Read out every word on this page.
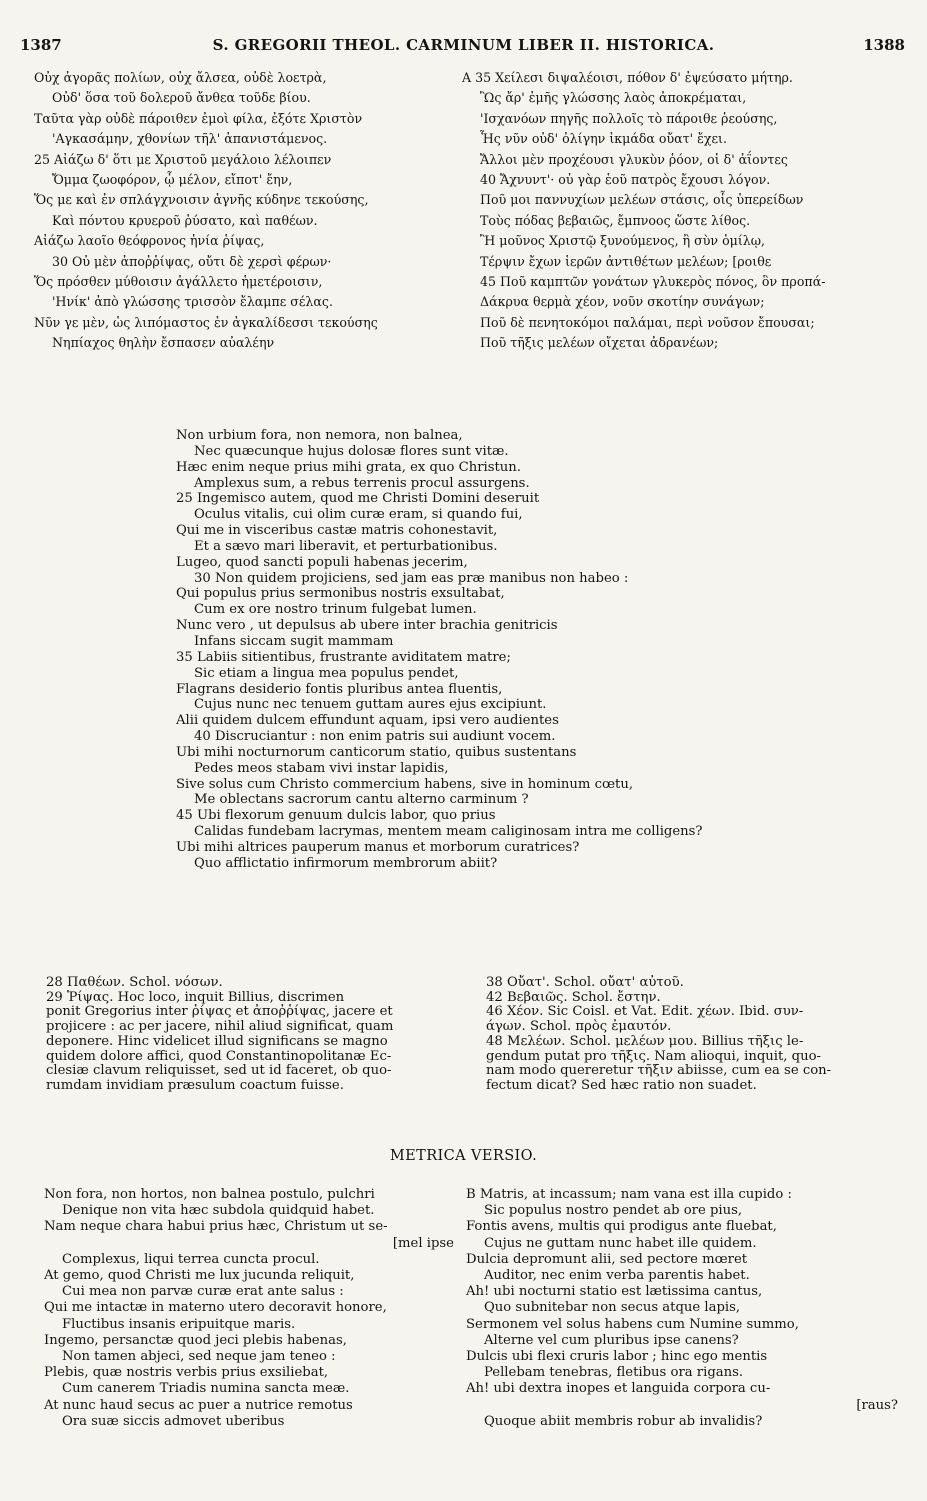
S. GREGORII THEOL. CARMINUM LIBER II. HISTORICA.
1387	1388
Οὐχ ἀγορᾶς πολίων, οὐχ ἄλσεα, οὐδὲ λοετρὰ,
Οὐδ' ὅσα τοῦ δολεροῦ ἄνθεα τοῦδε βίου.
Ταῦτα γὰρ οὐδὲ πάροιθεν ἐμοὶ φίλα, ἐξότε Χριστὸν
'Αγκασάμην, χθονίων τῆλ' ἀπανιστάμενος.
25 Αἰάζω δ' ὅτι με Χριστοῦ μεγάλοιο λέλοιπεν
Ὄμμα ζωοφόρον, ᾧ μέλον, εἴποτ' ἔην,
Ὅς με καὶ ἐν σπλάγχνοισιν ἁγνῆς κύδηνε τεκούσης,
Καὶ πόντου κρυεροῦ ῥύσατο, καὶ παθέων.
Αἰάζω λαοῖο θεόφρονος ἡνία ῥίψας,
30 Οὐ μὲν ἀποῤῥίψας, οὔτι δὲ χερσὶ φέρων·
Ὅς πρόσθεν μύθοισιν ἀγάλλετο ἡμετέροισιν,
'Ηνίκ' ἀπὸ γλώσσης τρισσὸν ἔλαμπε σέλας.
Νῦν γε μὲν, ὡς λιπόμαστος ἐν ἀγκαλίδεσσι τεκούσης
Νηπίαχος θηλὴν ἔσπασεν αὐαλέην
A 35 Χείλεσι διψαλέοισι, πόθον δ' ἐψεύσατο μήτηρ.
Ὣς ἄρ' ἐμῆς γλώσσης λαὸς ἀποκρέμαται,
'Ισχανόων πηγῆς πολλοῖς τὸ πάροιθε ῥεούσης,
Ἧς νῦν οὐδ' ὀλίγην ἰκμάδα οὔατ' ἔχει.
Ἄλλοι μὲν προχέουσι γλυκὺν ῥόον, οἱ δ' ἀΐοντες
40 Ἄχνυντ'· οὐ γὰρ ἑοῦ πατρὸς ἔχουσι λόγον.
Ποῦ μοι παννυχίων μελέων στάσις, οἷς ὑπερείδων
Τοὺς πόδας βεβαιῶς, ἔμπνοος ὥστε λίθος.
Ἢ μοῦνος Χριστῷ ξυνούμενος, ἢ σὺν ὁμίλῳ,
Τέρψιν ἔχων ἱερῶν ἀντιθέτων μελέων; [ροιθε
45 Ποῦ καμπτῶν γονάτων γλυκερὸς πόνος, ὃν προπά-
Δάκρυα θερμὰ χέον, νοῦν σκοτίην συνάγων;
Ποῦ δὲ πενητοκόμοι παλάμαι, περὶ νοῦσον ἔπουσαι;
Ποῦ τῆξις μελέων οἴχεται ἀδρανέων;
Non urbium fora, non nemora, non balnea,
Nec quæcunque hujus dolosæ flores sunt vitæ.
Hæc enim neque prius mihi grata, ex quo Christun.
Amplexus sum, a rebus terrenis procul assurgens.
25 Ingemisco autem, quod me Christi Domini deseruit
Oculus vitalis, cui olim curæ eram, si quando fui,
Qui me in visceribus castæ matris cohonestavit,
Et a sævo mari liberavit, et perturbationibus.
Lugeo, quod sancti populi habenas jecerim,
30 Non quidem projiciens, sed jam eas præ manibus non habeo :
Qui populus prius sermonibus nostris exsultabat,
Cum ex ore nostro trinum fulgebat lumen.
Nunc vero , ut depulsus ab ubere inter brachia genitricis
Infans siccam sugit mammam
35 Labiis sitientibus, frustrante aviditatem matre;
Sic etiam a lingua mea populus pendet,
Flagrans desiderio fontis pluribus antea fluentis,
Cujus nunc nec tenuem guttam aures ejus excipiunt.
Alii quidem dulcem effundunt aquam, ipsi vero audientes
40 Discruciantur : non enim patris sui audiunt vocem.
Ubi mihi nocturnorum canticorum statio, quibus sustentans
Pedes meos stabam vivi instar lapidis,
Sive solus cum Christo commercium habens, sive in hominum cœtu,
Me oblectans sacrorum cantu alterno carminum ?
45 Ubi flexorum genuum dulcis labor, quo prius
Calidas fundebam lacrymas, mentem meam caliginosam intra me colligens?
Ubi mihi altrices pauperum manus et morborum curatrices?
Quo afflictatio infirmorum membrorum abiit?
28 Παθέων. Schol. νόσων.
29 Ῥίψας. Hoc loco, inquit Billius, discrimen
ponit Gregorius inter ῥίψας et ἀποῤῥίψας, jacere et
projicere : ac per jacere, nihil aliud significat, quam
deponere. Hinc videlicet illud significans se magno
quidem dolore affici, quod Constantinopolitanæ Ec-
clesiæ clavum reliquisset, sed ut id faceret, ob quo-
rumdam invidiam præsulum coactum fuisse.
38 Οὔατ'. Schol. οὔατ' αὐτοῦ.
42 Βεβαιῶς. Schol. ἔστην.
46 Χέον. Sic Coisl. et Vat. Edit. χέων. Ibid. συν-
άγων. Schol. πρὸς ἐμαυτόν.
48 Μελέων. Schol. μελέων μου. Billius τῆξις le-
gendum putat pro τῆξις. Nam alioqui, inquit, quo-
nam modo quereretur τῆξιν abiisse, cum ea se con-
fectum dicat? Sed hæc ratio non suadet.
METRICA VERSIO.
Non fora, non hortos, non balnea postulo, pulchri
Denique non vita hæc subdola quidquid habet.
Nam neque chara habui prius hæc, Christum ut se-
[mel ipse
Complexus, liqui terrea cuncta procul.
At gemo, quod Christi me lux jucunda reliquit,
Cui mea non parvæ curæ erat ante salus :
Qui me intactæ in materno utero decoravit honore,
Fluctibus insanis eripuitque maris.
Ingemo, persanctæ quod jeci plebis habenas,
Non tamen abjeci, sed neque jam teneo :
Plebis, quæ nostris verbis prius exsiliebat,
Cum canerem Triadis numina sancta meæ.
At nunc haud secus ac puer a nutrice remotus
Ora suæ siccis admovet uberibus
B Matris, at incassum; nam vana est illa cupido :
Sic populus nostro pendet ab ore pius,
Fontis avens, multis qui prodigus ante fluebat,
Cujus ne guttam nunc habet ille quidem.
Dulcia depromunt alii, sed pectore mœret
Auditor, nec enim verba parentis habet.
Ah! ubi nocturni statio est lætissima cantus,
Quo subnitebar non secus atque lapis,
Sermonem vel solus habens cum Numine summo,
Alterne vel cum pluribus ipse canens?
Dulcis ubi flexi cruris labor ; hinc ego mentis
Pellebam tenebras, fletibus ora rigans.
Ah! ubi dextra inopes et languida corpora cu-
[raus?
Quoque abiit membris robur ab invalidis?
